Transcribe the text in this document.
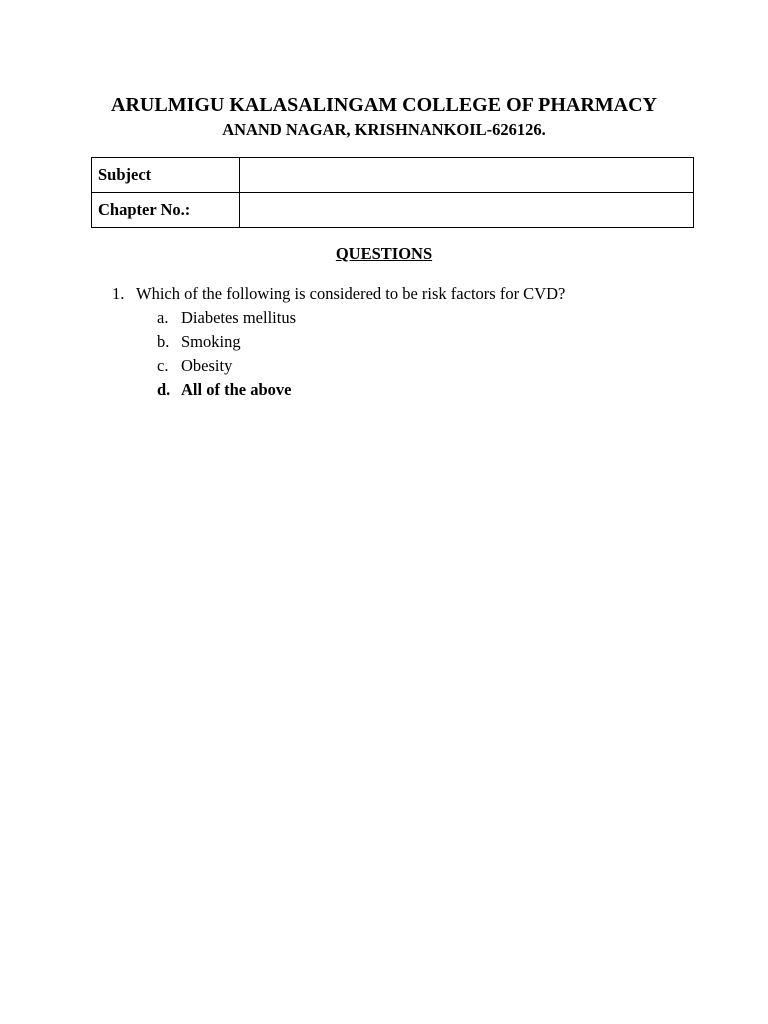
ARULMIGU KALASALINGAM COLLEGE OF PHARMACY
ANAND NAGAR, KRISHNANKOIL-626126.
Subject	
Chapter No.:	
QUESTIONS
1. Which of the following is considered to be risk factors for CVD?
a. Diabetes mellitus
b. Smoking
c. Obesity
d. All of the above
